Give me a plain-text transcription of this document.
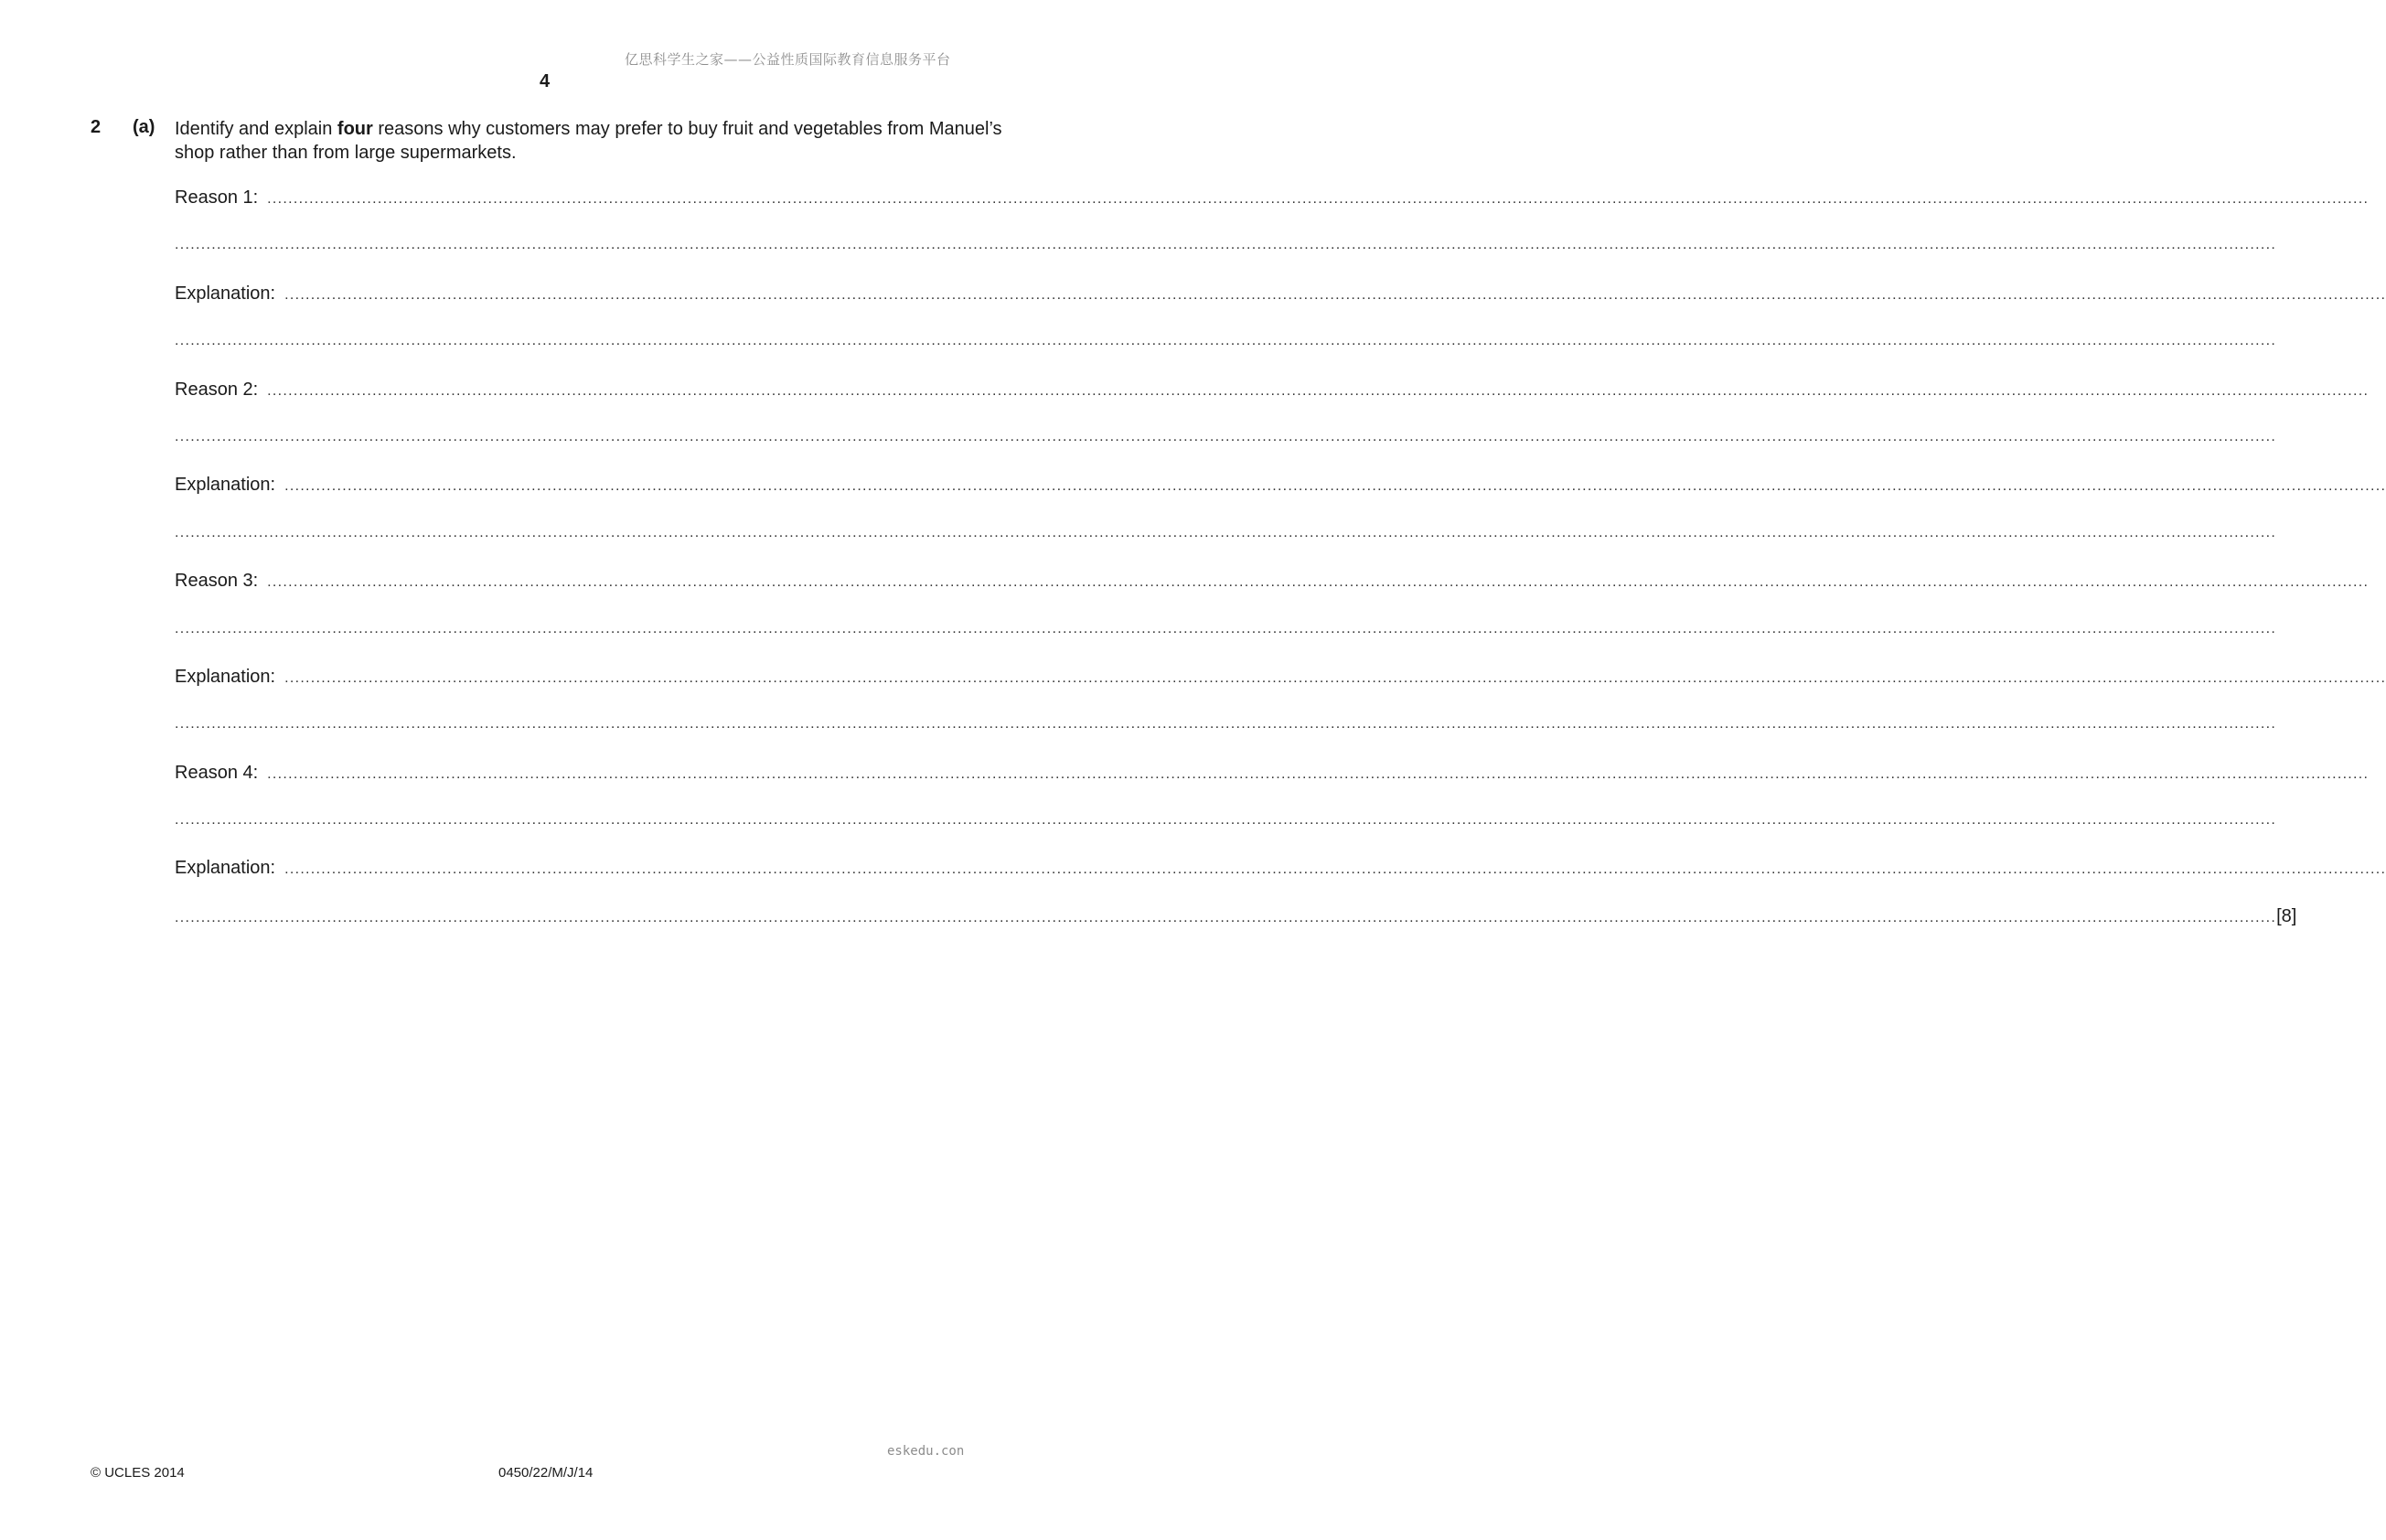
亿思科学生之家——公益性质国际教育信息服务平台
4
2 (a) Identify and explain four reasons why customers may prefer to buy fruit and vegetables from Manuel’s shop rather than from large supermarkets.
Reason 1: ................................................................................................................................................................................................................................................................................................................................................................................................................
................................................................................................................................................................................................................................................................................................................................................................................................................
Explanation: ................................................................................................................................................................................................................................................................................................................................................................................................................
................................................................................................................................................................................................................................................................................................................................................................................................................
Reason 2: ................................................................................................................................................................................................................................................................................................................................................................................................................
................................................................................................................................................................................................................................................................................................................................................................................................................
Explanation: ................................................................................................................................................................................................................................................................................................................................................................................................................
................................................................................................................................................................................................................................................................................................................................................................................................................
Reason 3: ................................................................................................................................................................................................................................................................................................................................................................................................................
................................................................................................................................................................................................................................................................................................................................................................................................................
Explanation: ................................................................................................................................................................................................................................................................................................................................................................................................................
................................................................................................................................................................................................................................................................................................................................................................................................................
Reason 4: ................................................................................................................................................................................................................................................................................................................................................................................................................
................................................................................................................................................................................................................................................................................................................................................................................................................
Explanation: ................................................................................................................................................................................................................................................................................................................................................................................................................
................................................................................................................................................................................................................................................................................................................................................................................................................ [8]
eskedu.con
© UCLES 2014	0450/22/M/J/14
